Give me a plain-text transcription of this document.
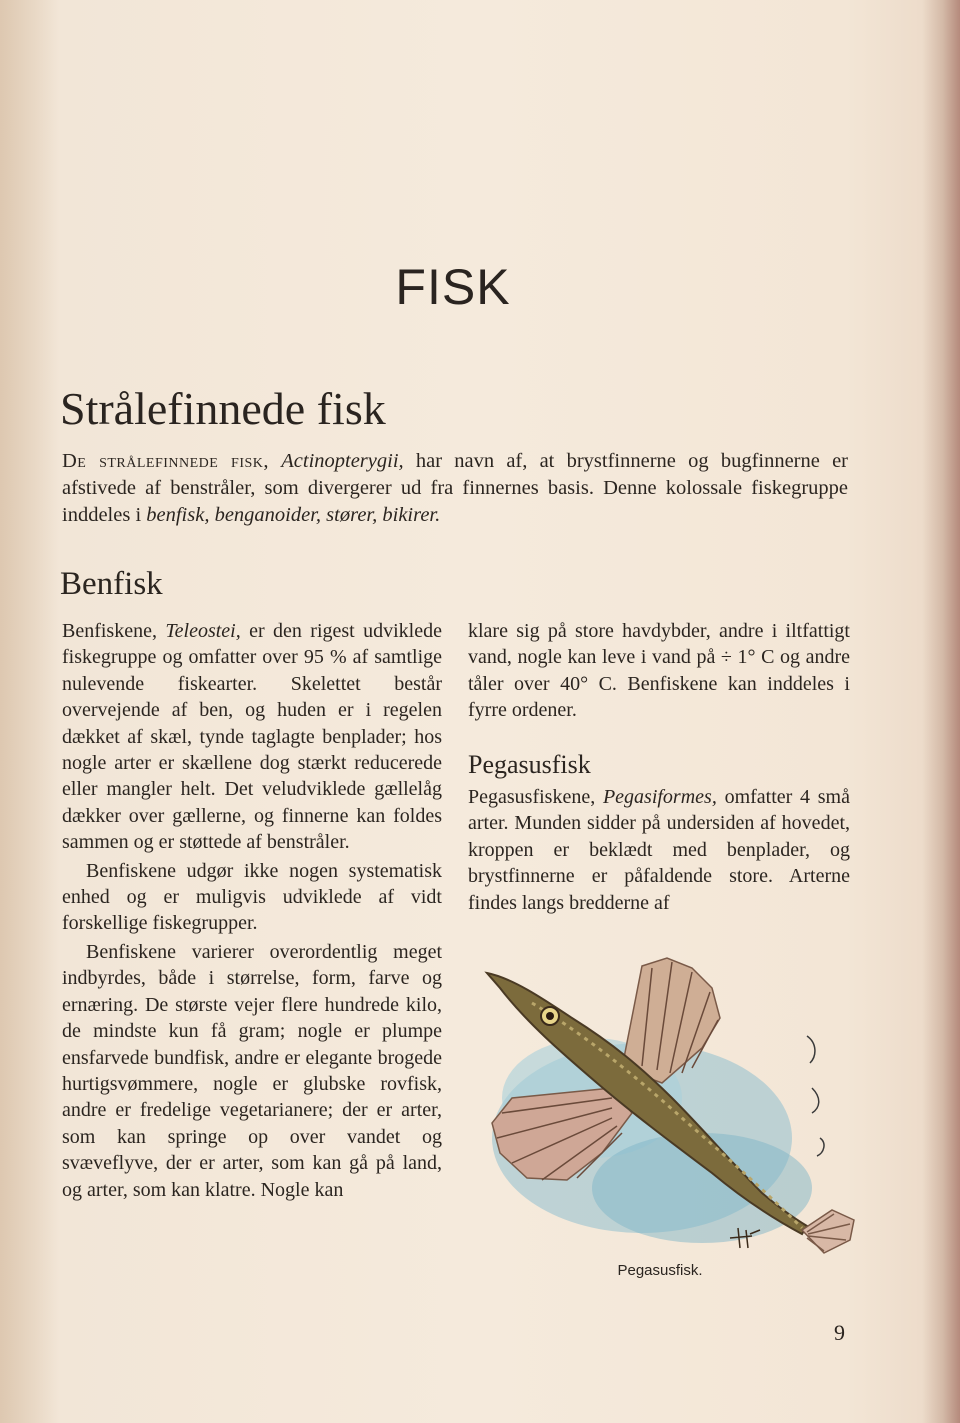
FISK
Strålefinnede fisk

De strålefinnede fisk, Actinopterygii, har navn af, at brystfinnerne og bugfinnerne er afstivede af benstråler, som divergerer ud fra finnernes basis. Denne kolossale fiskegruppe inddeles i benfisk, benganoider, stører, bikirer.

Benfisk

Benfiskene, Teleostei, er den rigest udviklede fiskegruppe og omfatter over 95 % af samtlige nulevende fiskearter. Skelettet består overvejende af ben, og huden er i regelen dækket af skæl, tynde taglagte benplader; hos nogle arter er skællene dog stærkt reducerede eller mangler helt. Det veludviklede gællelåg dækker over gællerne, og finnerne kan foldes sammen og er støttede af benstråler.

Benfiskene udgør ikke nogen systematisk enhed og er muligvis udviklede af vidt forskellige fiskegrupper.

Benfiskene varierer overordentlig meget indbyrdes, både i størrelse, form, farve og ernæring. De største vejer flere hundrede kilo, de mindste kun få gram; nogle er plumpe ensfarvede bundfisk, andre er elegante brogede hurtigsvømmere, nogle er glubske rovfisk, andre er fredelige vegetarianere; der er arter, som kan springe op over vandet og svæveflyve, der er arter, som kan gå på land, og arter, som kan klatre. Nogle kan

klare sig på store havdybder, andre i iltfattigt vand, nogle kan leve i vand på ÷ 1° C og andre tåler over 40° C. Benfiskene kan inddeles i fyrre ordener.

Pegasusfisk

Pegasusfiskene, Pegasiformes, omfatter 4 små arter. Munden sidder på undersiden af hovedet, kroppen er beklædt med benplader, og brystfinnerne er påfaldende store. Arterne findes langs bredderne af

Pegasusfisk.

9
